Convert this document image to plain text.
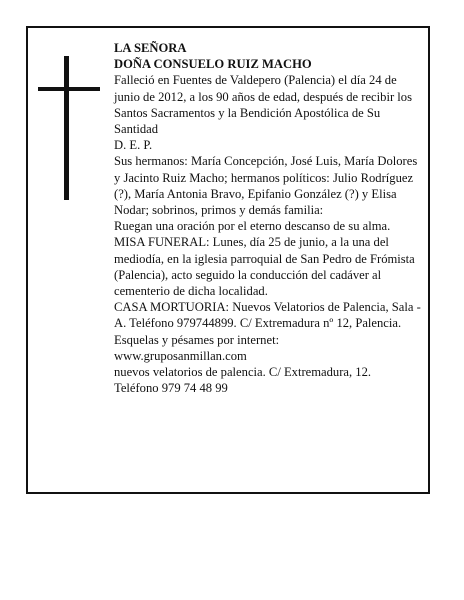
LA SEÑORA

DOÑA CONSUELO RUIZ MACHO

Falleció en Fuentes de Valdepero (Palencia) el día 24 de junio de 2012, a los 90 años de edad, después de recibir los Santos Sacramentos y la Bendición Apostólica de Su Santidad

D. E. P.

Sus hermanos: María Concepción, José Luis, María Dolores y Jacinto Ruiz Macho; hermanos políticos: Julio Rodríguez (?), María Antonia Bravo, Epifanio González (?) y Elisa Nodar; sobrinos, primos y demás familia:

Ruegan una oración por el eterno descanso de su alma.

MISA FUNERAL: Lunes, día 25 de junio, a la una del mediodía, en la iglesia parroquial de San Pedro de Frómista (Palencia), acto seguido la conducción del cadáver al cementerio de dicha localidad.

CASA MORTUORIA: Nuevos Velatorios de Palencia, Sala - A. Teléfono 979744899. C/ Extremadura nº 12, Palencia.

Esquelas y pésames por internet:

www.gruposanmillan.com

nuevos velatorios de palencia. C/ Extremadura, 12.

Teléfono 979 74 48 99
